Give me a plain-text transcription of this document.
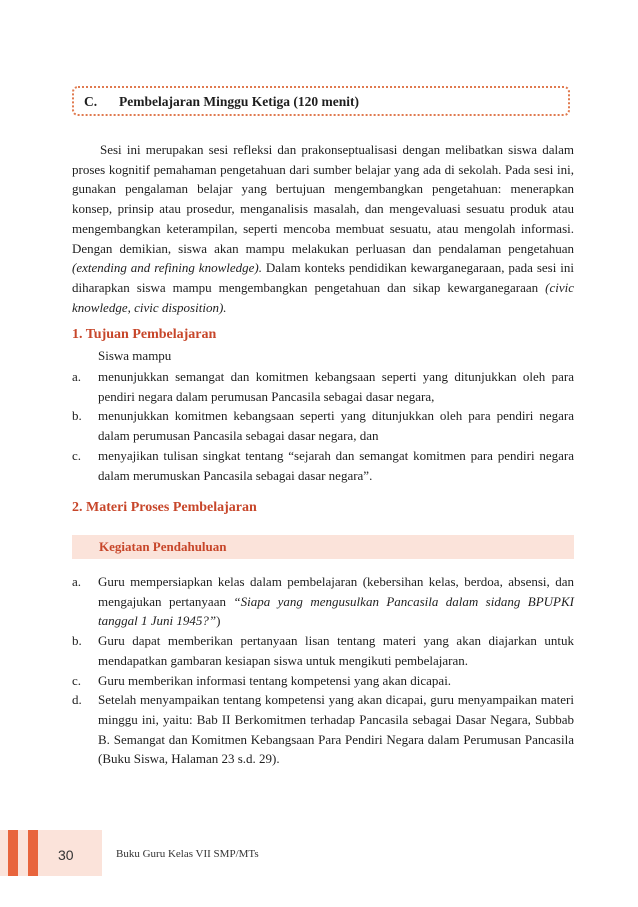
C. Pembelajaran Minggu Ketiga (120 menit)

Sesi ini merupakan sesi refleksi dan prakonseptualisasi dengan melibatkan siswa dalam proses kognitif pemahaman pengetahuan dari sumber belajar yang ada di sekolah. Pada sesi ini, gunakan pengalaman belajar yang bertujuan mengembangkan pengetahuan: menerapkan konsep, prinsip atau prosedur, menganalisis masalah, dan mengevaluasi sesuatu produk atau mengembangkan keterampilan, seperti mencoba membuat sesuatu, atau mengolah informasi. Dengan demikian, siswa akan mampu melakukan perluasan dan pendalaman pengetahuan (extending and refining knowledge). Dalam konteks pendidikan kewarganegaraan, pada sesi ini diharapkan siswa mampu mengembangkan pengetahuan dan sikap kewarganegaraan (civic knowledge, civic disposition).

1. Tujuan Pembelajaran

Siswa mampu

a. menunjukkan semangat dan komitmen kebangsaan seperti yang ditunjukkan oleh para pendiri negara dalam perumusan Pancasila sebagai dasar negara,
b. menunjukkan komitmen kebangsaan seperti yang ditunjukkan oleh para pendiri negara dalam perumusan Pancasila sebagai dasar negara, dan
c. menyajikan tulisan singkat tentang “sejarah dan semangat komitmen para pendiri negara dalam merumuskan Pancasila sebagai dasar negara”.
2. Materi Proses Pembelajaran
Kegiatan Pendahuluan
a. Guru mempersiapkan kelas dalam pembelajaran (kebersihan kelas, berdoa, absensi, dan mengajukan pertanyaan “Siapa yang mengusulkan Pancasila dalam sidang BPUPKI tanggal 1 Juni 1945?”)
b. Guru dapat memberikan pertanyaan lisan tentang materi yang akan diajarkan untuk mendapatkan gambaran kesiapan siswa untuk mengikuti pembelajaran.
c. Guru memberikan informasi tentang kompetensi yang akan dicapai.
d. Setelah menyampaikan tentang kompetensi yang akan dicapai, guru menyampaikan materi minggu ini, yaitu: Bab II Berkomitmen terhadap Pancasila sebagai Dasar Negara, Subbab B. Semangat dan Komitmen Kebangsaan Para Pendiri Negara dalam Perumusan Pancasila (Buku Siswa, Halaman 23 s.d. 29).
30	Buku Guru Kelas VII SMP/MTs
